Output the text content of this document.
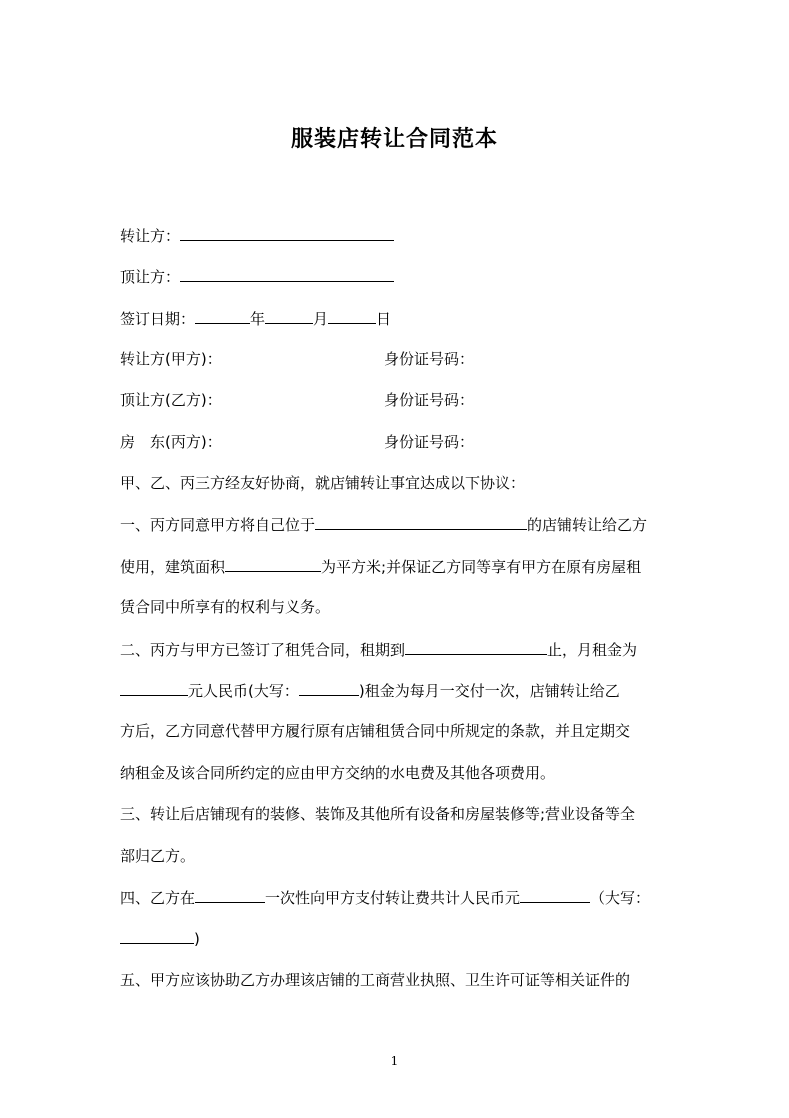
服装店转让合同范本
转让方：
顶让方：
签订日期：	年	月	日
转让方(甲方)：	身份证号码：
顶让方(乙方)：	身份证号码：
房　东(丙方)：	身份证号码：
甲、乙、丙三方经友好协商，就店铺转让事宜达成以下协议：
一、丙方同意甲方将自己位于	的店铺转让给乙方
使用，建筑面积	为平方米;并保证乙方同等享有甲方在原有房屋租
赁合同中所享有的权利与义务。
二、丙方与甲方已签订了租凭合同，租期到	止，月租金为
元人民币(大写：	)租金为每月一交付一次，店铺转让给乙
方后，乙方同意代替甲方履行原有店铺租赁合同中所规定的条款，并且定期交
纳租金及该合同所约定的应由甲方交纳的水电费及其他各项费用。
三、转让后店铺现有的装修、装饰及其他所有设备和房屋装修等;营业设备等全
部归乙方。
四、乙方在	一次性向甲方支付转让费共计人民币元	（大写：
)
五、甲方应该协助乙方办理该店铺的工商营业执照、卫生许可证等相关证件的
1
